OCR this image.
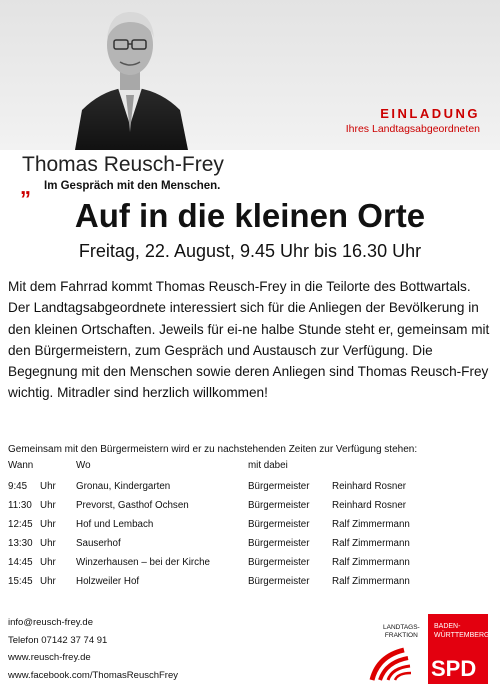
EINLADUNG
Ihres Landtagsabgeordneten
Thomas Reusch-Frey
„ Im Gespräch mit den Menschen.
Auf in die kleinen Orte
Freitag, 22. August, 9.45 Uhr bis 16.30 Uhr
Mit dem Fahrrad kommt Thomas Reusch-Frey in die Teilorte des Bottwartals. Der Landtagsabgeordnete interessiert sich für die Anliegen der Bevölkerung in den kleinen Ortschaften. Jeweils für ei-ne halbe Stunde steht er, gemeinsam mit den Bürgermeistern, zum Gespräch und Austausch zur Verfügung. Die Begegnung mit den Menschen sowie deren Anliegen sind Thomas Reusch-Frey wichtig. Mitradler sind herzlich willkommen!
Gemeinsam mit den Bürgermeistern wird er zu nachstehenden Zeiten zur Verfügung stehen:
Wann		Wo	mit dabei	
9:45	Uhr	Gronau, Kindergarten	Bürgermeister	Reinhard Rosner
11:30	Uhr	Prevorst, Gasthof Ochsen	Bürgermeister	Reinhard Rosner
12:45	Uhr	Hof und Lembach	Bürgermeister	Ralf Zimmermann
13:30	Uhr	Sauserhof	Bürgermeister	Ralf Zimmermann
14:45	Uhr	Winzerhausen – bei der Kirche	Bürgermeister	Ralf Zimmermann
15:45	Uhr	Holzweiler Hof	Bürgermeister	Ralf Zimmermann
info@reusch-frey.de
Telefon 07142 37 74 91
www.reusch-frey.de
www.facebook.com/ThomasReuschFrey
LANDTAGS-
FRAKTION
BADEN-
WÜRTTEMBERG
SPD
